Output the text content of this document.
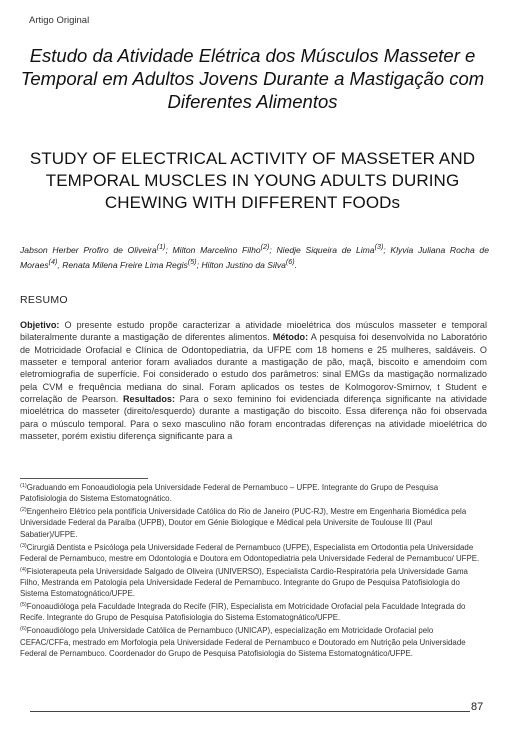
Artigo Original
Estudo da Atividade Elétrica dos Músculos Masseter e Temporal em Adultos Jovens Durante a Mastigação com Diferentes Alimentos
STUDY OF ELECTRICAL ACTIVITY OF MASSETER AND TEMPORAL MUSCLES IN YOUNG ADULTS DURING CHEWING WITH DIFFERENT FOODs
Jabson Herber Profiro de Oliveira$^{(1)}$; Milton Marcelino Filho$^{(2)}$; Niedje Siqueira de Lima$^{(3)}$; Klyvia Juliana Rocha de Moraes$^{(4)}$, Renata Milena Freire Lima Regis$^{(5)}$; Hilton Justino da Silva$^{(6)}$.
RESUMO
Objetivo: O presente estudo propõe caracterizar a atividade mioelétrica dos músculos masseter e temporal bilateralmente durante a mastigação de diferentes alimentos. Método: A pesquisa foi desenvolvida no Laboratório de Motricidade Orofacial e Clínica de Odontopediatria, da UFPE com 18 homens e 25 mulheres, saldáveis. O masseter e temporal anterior foram avaliados durante a mastigação de pão, maçã, biscoito e amendoim com eletromiografia de superfície. Foi considerado o estudo dos parâmetros: sinal EMGs da mastigação normalizado pela CVM e frequência mediana do sinal. Foram aplicados os testes de Kolmogorov-Smirnov, t Student e correlação de Pearson. Resultados: Para o sexo feminino foi evidenciada diferença significante na atividade mioelétrica do masseter (direito/esquerdo) durante a mastigação do biscoito. Essa diferença não foi observada para o músculo temporal. Para o sexo masculino não foram encontradas diferenças na atividade mioelétrica do masseter, porém existiu diferença significante para a
$^{(1)}$Graduando em Fonoaudiologia pela Universidade Federal de Pernambuco – UFPE. Integrante do Grupo de Pesquisa Patofisiologia do Sistema Estomatognático.
$^{(2)}$Engenheiro Elétrico pela pontifícia Universidade Católica do Rio de Janeiro (PUC-RJ), Mestre em Engenharia Biomédica pela Universidade Federal da Paraíba (UFPB), Doutor em Génie Biologique e Médical pela Universite de Toulouse III (Paul Sabatier)/UFPE.
$^{(3)}$Cirurgiã Dentista e Psicóloga pela Universidade Federal de Pernambuco (UFPE), Especialista em Ortodontia pela Universidade Federal de Pernambuco, mestre em Odontologia e Doutora em Odontopediatria pela Universidade Federal de Pernambuco/ UFPE.
$^{(4)}$Fisioterapeuta pela Universidade Salgado de Oliveira (UNIVERSO), Especialista Cardio-Respiratória pela Universidade Gama Filho, Mestranda em Patologia pela Universidade Federal de Pernambuco. Integrante do Grupo de Pesquisa Patofisiologia do Sistema Estomatognático/UFPE.
$^{(5)}$Fonoaudióloga pela Faculdade Integrada do Recife (FIR), Especialista em Motricidade Orofacial pela Faculdade Integrada do Recife. Integrante do Grupo de Pesquisa Patofisiologia do Sistema Estomatognático/UFPE.
$^{(6)}$Fonoaudiólogo pela Universidade Católica de Pernambuco (UNICAP), especialização em Motricidade Orofacial pelo CEFAC/CFFa, mestrado em Morfologia pela Universidade Federal de Pernambuco e Doutorado em Nutrição pela Universidade Federal de Pernambuco. Coordenador do Grupo de Pesquisa Patofisiologia do Sistema Estomatognático/UFPE.
87
